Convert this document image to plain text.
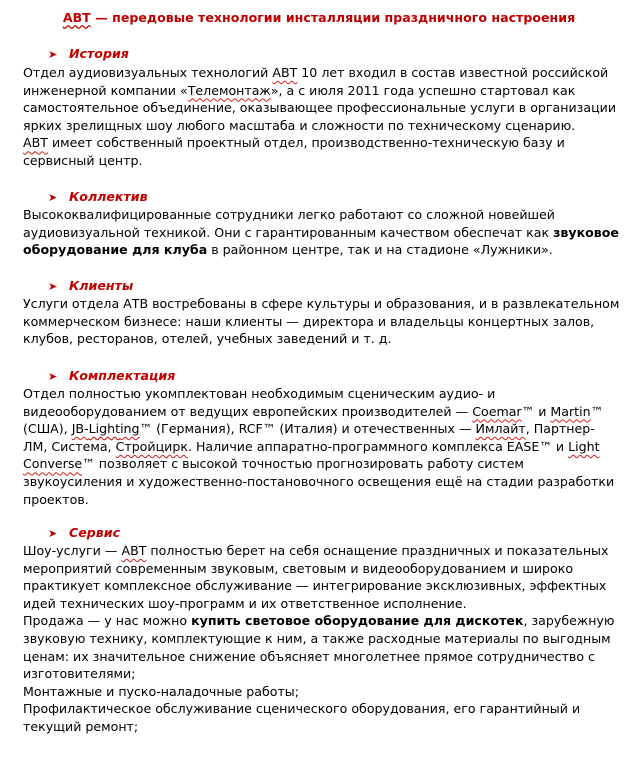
АВТ — передовые технологии инсталляции праздничного настроения
➤ История
Отдел аудиовизуальных технологий АВТ 10 лет входил в состав известной российской
инженерной компании «Телемонтаж», а с июля 2011 года успешно стартовал как
самостоятельное объединение, оказывающее профессиональные услуги в организации
ярких зрелищных шоу любого масштаба и сложности по техническому сценарию.
АВТ имеет собственный проектный отдел, производственно-техническую базу и
сервисный центр.
➤ Коллектив
Высококвалифицированные сотрудники легко работают со сложной новейшей
аудиовизуальной техникой. Они с гарантированным качеством обеспечат как звуковое
оборудование для клуба в районном центре, так и на стадионе «Лужники».
➤ Клиенты
Услуги отдела АТВ востребованы в сфере культуры и образования, и в развлекательном
коммерческом бизнесе: наши клиенты — директора и владельцы концертных залов,
клубов, ресторанов, отелей, учебных заведений и т. д.
➤ Комплектация
Отдел полностью укомплектован необходимым сценическим аудио- и
видеооборудованием от ведущих европейских производителей — Coemar™ и Martin™
(США), JB-Lighting™ (Германия), RCF™ (Италия) и отечественных — Имлайт, Партнер-
ЛМ, Система, Стройцирк. Наличие аппаратно-программного комплекса EASE™ и Light
Converse™ позволяет с высокой точностью прогнозировать работу систем
звукоусиления и художественно-постановочного освещения ещё на стадии разработки
проектов.
➤ Сервис
Шоу-услуги — АВТ полностью берет на себя оснащение праздничных и показательных
мероприятий современным звуковым, световым и видеооборудованием и широко
практикует комплексное обслуживание — интегрирование эксклюзивных, эффектных
идей технических шоу-программ и их ответственное исполнение.
Продажа — у нас можно купить световое оборудование для дискотек, зарубежную
звуковую технику, комплектующие к ним, а также расходные материалы по выгодным
ценам: их значительное снижение объясняет многолетнее прямое сотрудничество с
изготовителями;
Монтажные и пуско-наладочные работы;
Профилактическое обслуживание сценического оборудования, его гарантийный и
текущий ремонт;
